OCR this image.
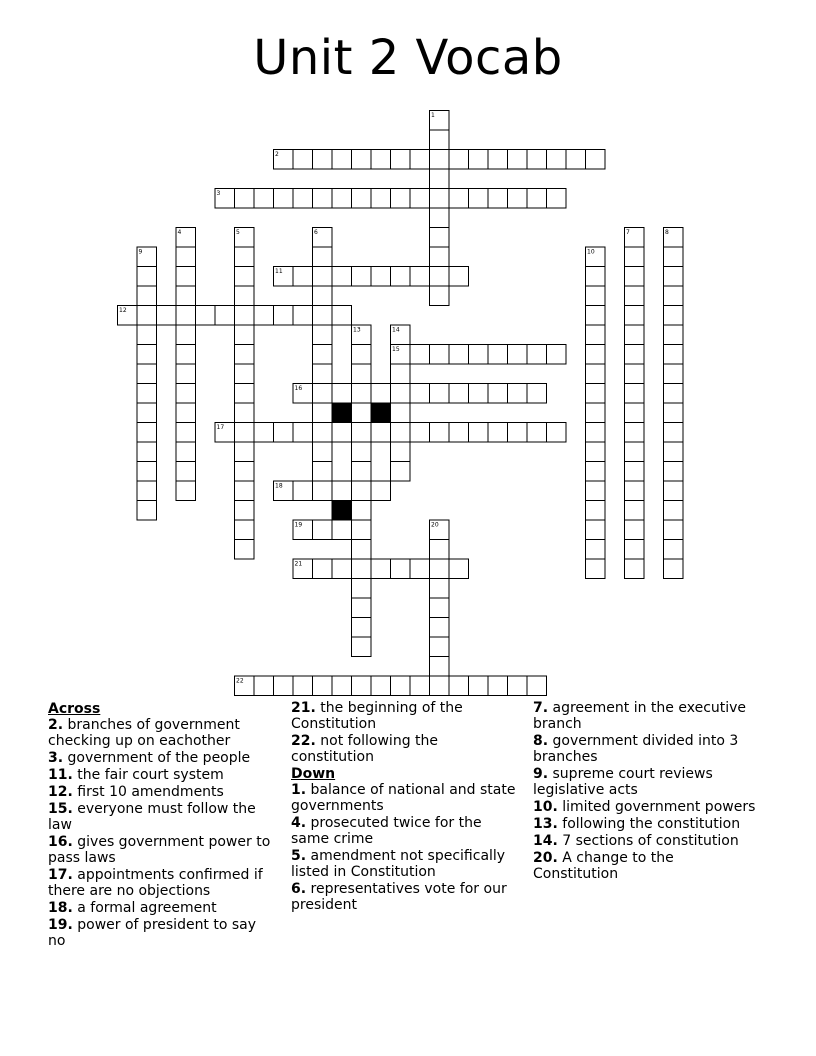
Unit 2 Vocab
1
2
3
4	5	6	7	8
9	10
11
12
13	14
15
16
17
18
19	20
21
22
Across
2. branches of government checking up on eachother
3. government of the people
11. the fair court system
12. first 10 amendments
15. everyone must follow the law
16. gives government power to pass laws
17. appointments confirmed if there are no objections
18. a formal agreement
19. power of president to say no
21. the beginning of the Constitution
22. not following the constitution
Down
1. balance of national and state governments
4. prosecuted twice for the same crime
5. amendment not specifically listed in Constitution
6. representatives vote for our president
7. agreement in the executive branch
8. government divided into 3 branches
9. supreme court reviews legislative acts
10. limited government powers
13. following the constitution
14. 7 sections of constitution
20. A change to the Constitution
